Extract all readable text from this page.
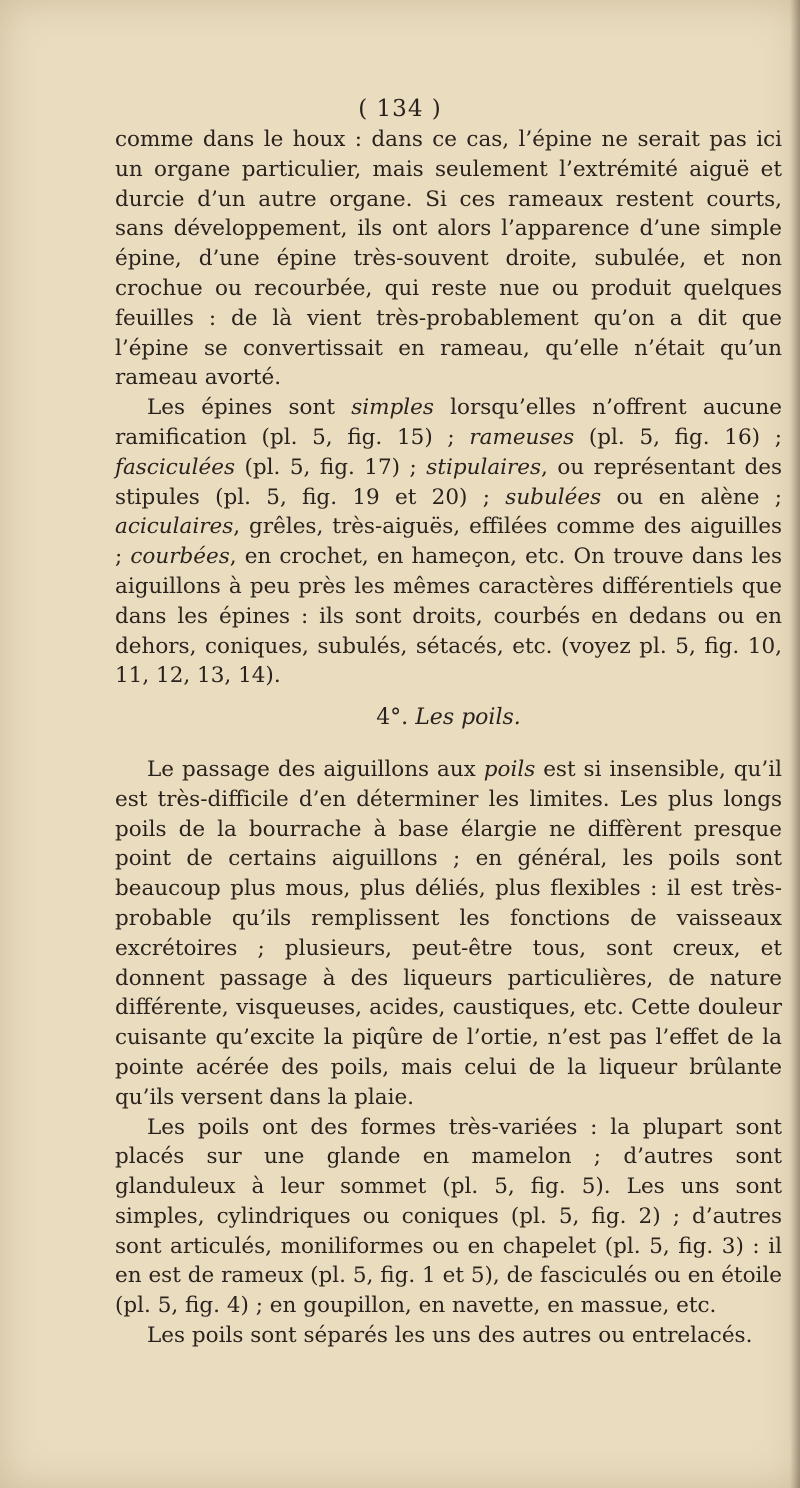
( 134 )

comme dans le houx : dans ce cas, l’épine ne serait pas ici un organe particulier, mais seulement l’extrémité aiguë et durcie d’un autre organe. Si ces rameaux restent courts, sans développement, ils ont alors l’apparence d’une simple épine, d’une épine très-souvent droite, subulée, et non crochue ou recourbée, qui reste nue ou produit quelques feuilles : de là vient très-probablement qu’on a dit que l’épine se convertissait en rameau, qu’elle n’était qu’un rameau avorté.

Les épines sont simples lorsqu’elles n’offrent aucune ramification (pl. 5, fig. 15) ; rameuses (pl. 5, fig. 16) ; fasciculées (pl. 5, fig. 17) ; stipulaires, ou représentant des stipules (pl. 5, fig. 19 et 20) ; subulées ou en alène ; aciculaires, grêles, très-aiguës, effilées comme des aiguilles ; courbées, en crochet, en hameçon, etc. On trouve dans les aiguillons à peu près les mêmes caractères différentiels que dans les épines : ils sont droits, courbés en dedans ou en dehors, coniques, subulés, sétacés, etc. (voyez pl. 5, fig. 10, 11, 12, 13, 14).

4°. Les poils.

Le passage des aiguillons aux poils est si insensible, qu’il est très-difficile d’en déterminer les limites. Les plus longs poils de la bourrache à base élargie ne diffèrent presque point de certains aiguillons ; en général, les poils sont beaucoup plus mous, plus déliés, plus flexibles : il est très-probable qu’ils remplissent les fonctions de vaisseaux excrétoires ; plusieurs, peut-être tous, sont creux, et donnent passage à des liqueurs particulières, de nature différente, visqueuses, acides, caustiques, etc. Cette douleur cuisante qu’excite la piqûre de l’ortie, n’est pas l’effet de la pointe acérée des poils, mais celui de la liqueur brûlante qu’ils versent dans la plaie.

Les poils ont des formes très-variées : la plupart sont placés sur une glande en mamelon ; d’autres sont glanduleux à leur sommet (pl. 5, fig. 5). Les uns sont simples, cylindriques ou coniques (pl. 5, fig. 2) ; d’autres sont articulés, moniliformes ou en chapelet (pl. 5, fig. 3) : il en est de rameux (pl. 5, fig. 1 et 5), de fasciculés ou en étoile (pl. 5, fig. 4) ; en goupillon, en navette, en massue, etc.

Les poils sont séparés les uns des autres ou entrelacés.
